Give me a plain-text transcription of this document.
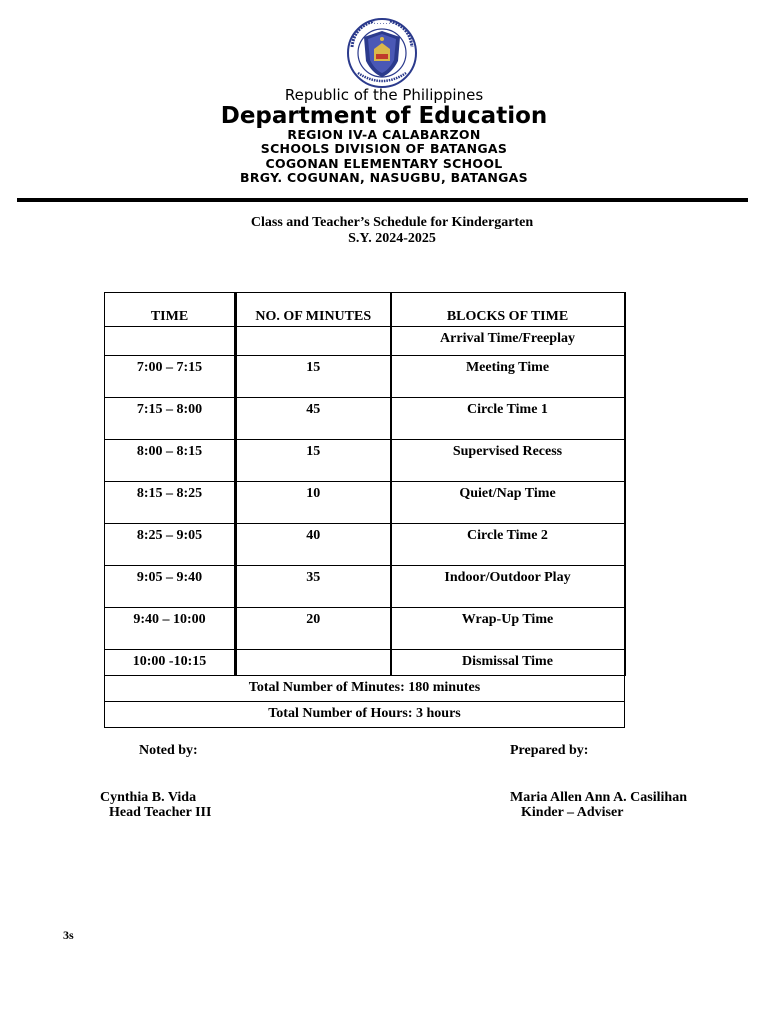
· · · · · · · ·
Republic of the Philippines
Department of Education
REGION IV-A CALABARZON
SCHOOLS DIVISION OF BATANGAS
COGONAN ELEMENTARY SCHOOL
BRGY. COGUNAN, NASUGBU, BATANGAS
Class and Teacher’s Schedule for Kindergarten
S.Y. 2024-2025
TIME	NO. OF MINUTES	BLOCKS OF TIME
		Arrival Time/Freeplay
7:00 – 7:15	15	Meeting Time
7:15 – 8:00	45	Circle Time 1
8:00 – 8:15	15	Supervised Recess
8:15 – 8:25	10	Quiet/Nap Time
8:25 – 9:05	40	Circle Time 2
9:05 – 9:40	35	Indoor/Outdoor Play
9:40 – 10:00	20	Wrap-Up Time
10:00 -10:15		Dismissal Time
Total Number of Minutes: 180 minutes		
Total Number of Hours: 3 hours		
Noted by:	Prepared by:
Cynthia B. Vida
Head Teacher III
Maria Allen Ann A. Casilihan
Kinder – Adviser
3s
